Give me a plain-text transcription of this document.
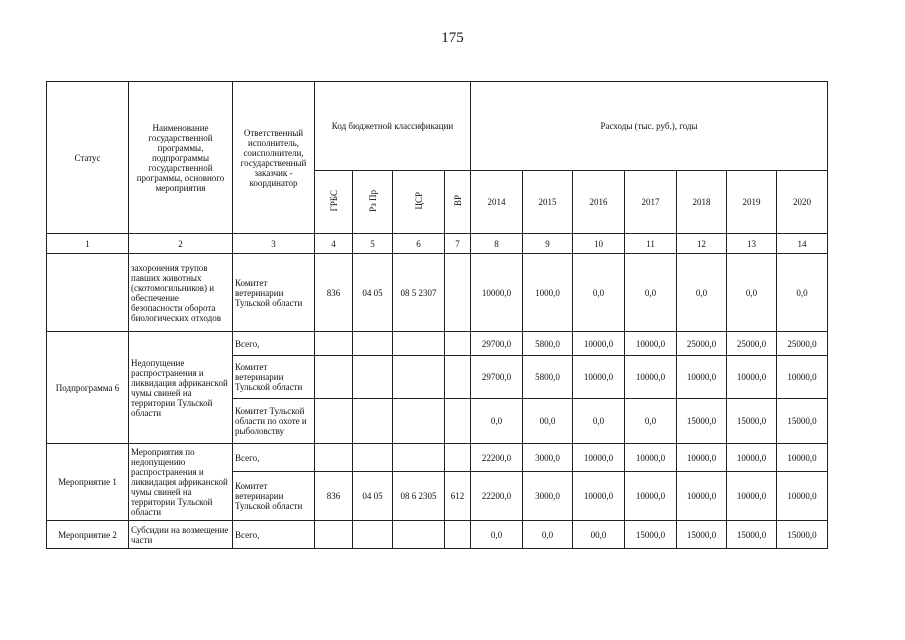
175
Статус	Наименование государственной программы, подпрограммы государственной программы, основного мероприятия	Ответственный исполнитель, соисполнители, государственный заказчик - координатор	Код бюджетной классификации				Расходы (тыс. руб.), годы						
			ГРБС	Рз Пр	ЦСР	ВР	2014	2015	2016	2017	2018	2019	2020
1	2	3	4	5	6	7	8	9	10	11	12	13	14
	захоронения трупов павших животных (скотомогильников) и обеспечение безопасности оборота биологических отходов	Комитет ветеринарии Тульской области	836	04 05	08 5 2307		10000,0	1000,0	0,0	0,0	0,0	0,0	0,0
Подпрограмма 6	Недопущение распространения и ликвидация африканской чумы свиней на территории Тульской области	Всего,					29700,0	5800,0	10000,0	10000,0	25000,0	25000,0	25000,0
		Комитет ветеринарии Тульской области					29700,0	5800,0	10000,0	10000,0	10000,0	10000,0	10000,0
		Комитет Тульской области по охоте и рыболовству					0,0	00,0	0,0	0,0	15000,0	15000,0	15000,0
Мероприятие 1	Мероприятия по недопущению распространения и ликвидация африканской чумы свиней на территории Тульской области	Всего,					22200,0	3000,0	10000,0	10000,0	10000,0	10000,0	10000,0
		Комитет ветеринарии Тульской области	836	04 05	08 6 2305	612	22200,0	3000,0	10000,0	10000,0	10000,0	10000,0	10000,0
Мероприятие 2	Субсидии на возмещение части	Всего,					0,0	0,0	00,0	15000,0	15000,0	15000,0	15000,0
